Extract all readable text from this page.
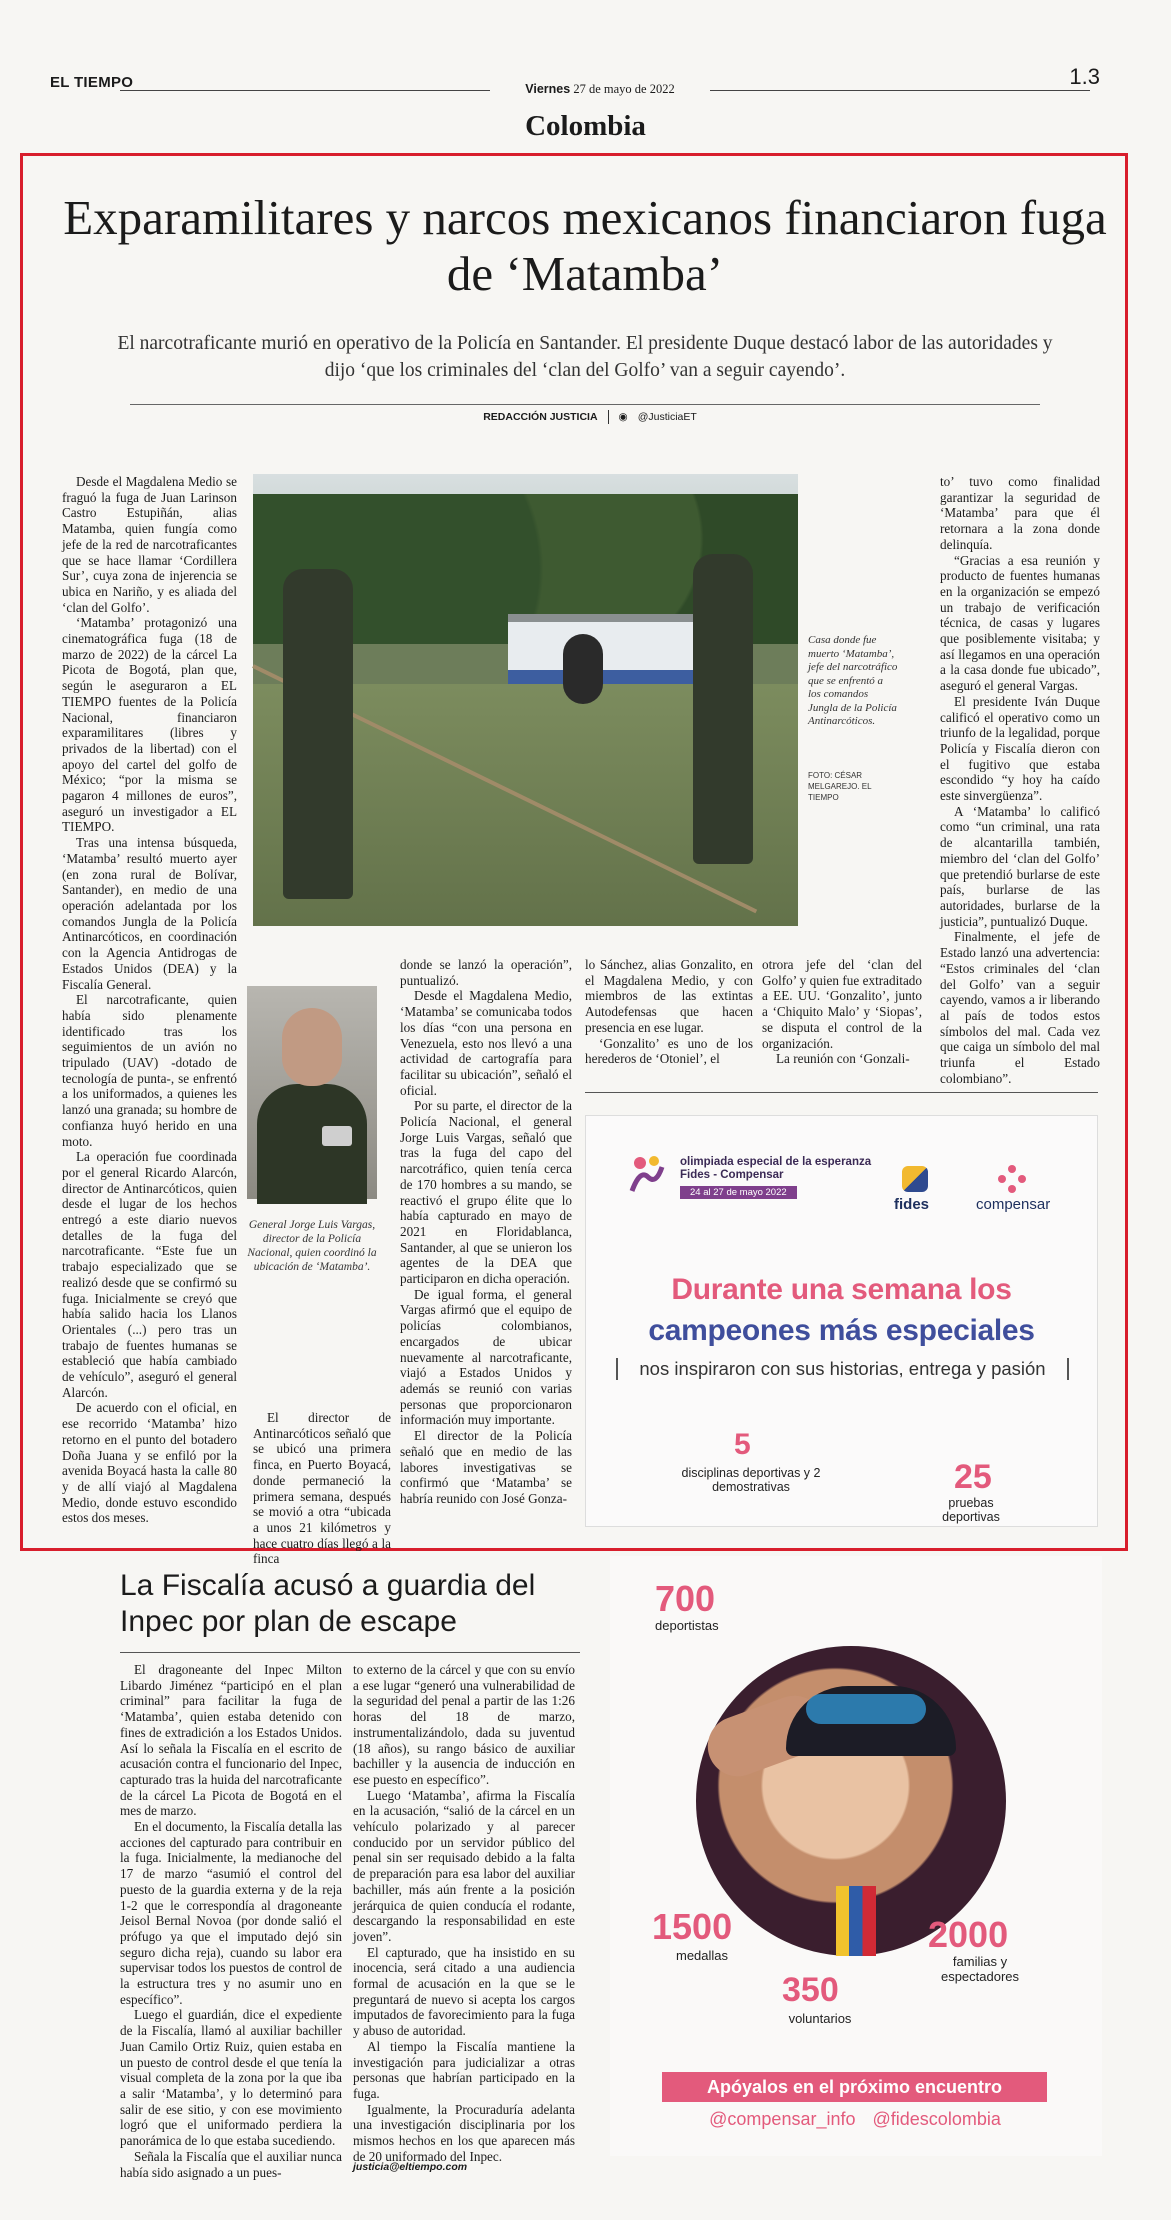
EL TIEMPO	Viernes 27 de mayo de 2022	1.3
Colombia
Exparamilitares y narcos mexicanos financiaron fuga de ‘Matamba’

El narcotraficante murió en operativo de la Policía en Santander. El presidente Duque destacó labor de las autoridades y dijo ‘que los criminales del ‘clan del Golfo’ van a seguir cayendo’.

REDACCIÓN JUSTICIA ◉ @JusticiaET

Desde el Magdalena Medio se fraguó la fuga de Juan Larinson Castro Estupiñán, alias Matamba, quien fungía como jefe de la red de narcotraficantes que se hace llamar ‘Cordillera Sur’, cuya zona de injerencia se ubica en Nariño, y es aliada del ‘clan del Golfo’.

‘Matamba’ protagonizó una cinematográfica fuga (18 de marzo de 2022) de la cárcel La Picota de Bogotá, plan que, según le aseguraron a EL TIEMPO fuentes de la Policía Nacional, financiaron exparamilitares (libres y privados de la libertad) con el apoyo del cartel del golfo de México; “por la misma se pagaron 4 millones de euros”, aseguró un investigador a EL TIEMPO.

Tras una intensa búsqueda, ‘Matamba’ resultó muerto ayer (en zona rural de Bolívar, Santander), en medio de una operación adelantada por los comandos Jungla de la Policía Antinarcóticos, en coordinación con la Agencia Antidrogas de Estados Unidos (DEA) y la Fiscalía General.

El narcotraficante, quien había sido plenamente identificado tras los seguimientos de un avión no tripulado (UAV) -dotado de tecnología de punta-, se enfrentó a los uniformados, a quienes les lanzó una granada; su hombre de confianza huyó herido en una moto.

La operación fue coordinada por el general Ricardo Alarcón, director de Antinarcóticos, quien desde el lugar de los hechos entregó a este diario nuevos detalles de la fuga del narcotraficante. “Este fue un trabajo especializado que se realizó desde que se confirmó su fuga. Inicialmente se creyó que había salido hacia los Llanos Orientales (...) pero tras un trabajo de fuentes humanas se estableció que había cambiado de vehículo”, aseguró el general Alarcón.

De acuerdo con el oficial, en ese recorrido ‘Matamba’ hizo retorno en el punto del botadero Doña Juana y se enfiló por la avenida Boyacá hasta la calle 80 y de allí viajó al Magdalena Medio, donde estuvo escondido estos dos meses.

Casa donde fue muerto ‘Matamba’, jefe del narcotráfico que se enfrentó a los comandos Jungla de la Policía Antinarcóticos.
FOTO: CÉSAR MELGAREJO. EL TIEMPO
General Jorge Luis Vargas, director de la Policía Nacional, quien coordinó la ubicación de ‘Matamba’.

El director de Antinarcóticos señaló que se ubicó una primera finca, en Puerto Boyacá, donde permaneció la primera semana, después se movió a otra “ubicada a unos 21 kilómetros y hace cuatro días llegó a la finca

donde se lanzó la operación”, puntualizó.

Desde el Magdalena Medio, ‘Matamba’ se comunicaba todos los días “con una persona en Venezuela, esto nos llevó a una actividad de cartografía para facilitar su ubicación”, señaló el oficial.

Por su parte, el director de la Policía Nacional, el general Jorge Luis Vargas, señaló que tras la fuga del capo del narcotráfico, quien tenía cerca de 170 hombres a su mando, se reactivó el grupo élite que lo había capturado en mayo de 2021 en Floridablanca, Santander, al que se unieron los agentes de la DEA que participaron en dicha operación.

De igual forma, el general Vargas afirmó que el equipo de policías colombianos, encargados de ubicar nuevamente al narcotraficante, viajó a Estados Unidos y además se reunió con varias personas que proporcionaron información muy importante.

El director de la Policía señaló que en medio de las labores investigativas se confirmó que ‘Matamba’ se habría reunido con José Gonza-

lo Sánchez, alias Gonzalito, en el Magdalena Medio, y con miembros de las extintas Autodefensas que hacen presencia en ese lugar.

‘Gonzalito’ es uno de los herederos de ‘Otoniel’, el

otrora jefe del ‘clan del Golfo’ y quien fue extraditado a EE. UU. ‘Gonzalito’, junto a ‘Chiquito Malo’ y ‘Siopas’, se disputa el control de la organización.

La reunión con ‘Gonzali-

to’ tuvo como finalidad garantizar la seguridad de ‘Matamba’ para que él retornara a la zona donde delinquía.

“Gracias a esa reunión y producto de fuentes humanas en la organización se empezó un trabajo de verificación técnica, de casas y lugares que posiblemente visitaba; y así llegamos en una operación a la casa donde fue ubicado”, aseguró el general Vargas.

El presidente Iván Duque calificó el operativo como un triunfo de la legalidad, porque Policía y Fiscalía dieron con el fugitivo que estaba escondido “y hoy ha caído este sinvergüenza”.

A ‘Matamba’ lo calificó como “un criminal, una rata de alcantarilla también, miembro del ‘clan del Golfo’ que pretendió burlarse de este país, burlarse de las autoridades, burlarse de la justicia”, puntualizó Duque.

Finalmente, el jefe de Estado lanzó una advertencia: “Estos criminales del ‘clan del Golfo’ van a seguir cayendo, vamos a ir liberando al país de todos estos símbolos del mal. Cada vez que caiga un símbolo del mal triunfa el Estado colombiano”.

olimpiada especial de la esperanza Fides - Compensar
24 al 27 de mayo 2022
fides	compensar
Durante una semana los
campeones más especiales
nos inspiraron con sus historias, entrega y pasión
5
disciplinas deportivas y 2 demostrativas	25
pruebas deportivas
La Fiscalía acusó a guardia del Inpec por plan de escape

El dragoneante del Inpec Milton Libardo Jiménez “participó en el plan criminal” para facilitar la fuga de ‘Matamba’, quien estaba detenido con fines de extradición a los Estados Unidos. Así lo señala la Fiscalía en el escrito de acusación contra el funcionario del Inpec, capturado tras la huida del narcotraficante de la cárcel La Picota de Bogotá en el mes de marzo.

En el documento, la Fiscalía detalla las acciones del capturado para contribuir en la fuga. Inicialmente, la medianoche del 17 de marzo “asumió el control del puesto de la guardia externa y de la reja 1-2 que le correspondía al dragoneante Jeisol Bernal Novoa (por donde salió el prófugo ya que el imputado dejó sin seguro dicha reja), cuando su labor era supervisar todos los puestos de control de la estructura tres y no asumir uno en específico”.

Luego el guardián, dice el expediente de la Fiscalía, llamó al auxiliar bachiller Juan Camilo Ortiz Ruiz, quien estaba en un puesto de control desde el que tenía la visual completa de la zona por la que iba a salir ‘Matamba’, y lo determinó para salir de ese sitio, y con ese movimiento logró que el uniformado perdiera la panorámica de lo que estaba sucediendo.

Señala la Fiscalía que el auxiliar nunca había sido asignado a un pues-

to externo de la cárcel y que con su envío a ese lugar “generó una vulnerabilidad de la seguridad del penal a partir de las 1:26 horas del 18 de marzo, instrumentalizándolo, dada su juventud (18 años), su rango básico de auxiliar bachiller y la ausencia de inducción en ese puesto en específico”.

Luego ‘Matamba’, afirma la Fiscalía en la acusación, “salió de la cárcel en un vehículo polarizado y al parecer conducido por un servidor público del penal sin ser requisado debido a la falta de preparación para esa labor del auxiliar bachiller, más aún frente a la posición jerárquica de quien conducía el rodante, descargando la responsabilidad en este joven”.

El capturado, que ha insistido en su inocencia, será citado a una audiencia formal de acusación en la que se le preguntará de nuevo si acepta los cargos imputados de favorecimiento para la fuga y abuso de autoridad.

Al tiempo la Fiscalía mantiene la investigación para judicializar a otras personas que habrían participado en la fuga.

Igualmente, la Procuraduría adelanta una investigación disciplinaria por los mismos hechos en los que aparecen más de 20 uniformado del Inpec.

justicia@eltiempo.com
700
deportistas
1500
medallas
350
voluntarios
2000
familias y espectadores
Apóyalos en el próximo encuentro
@compensar_info @fidescolombia
